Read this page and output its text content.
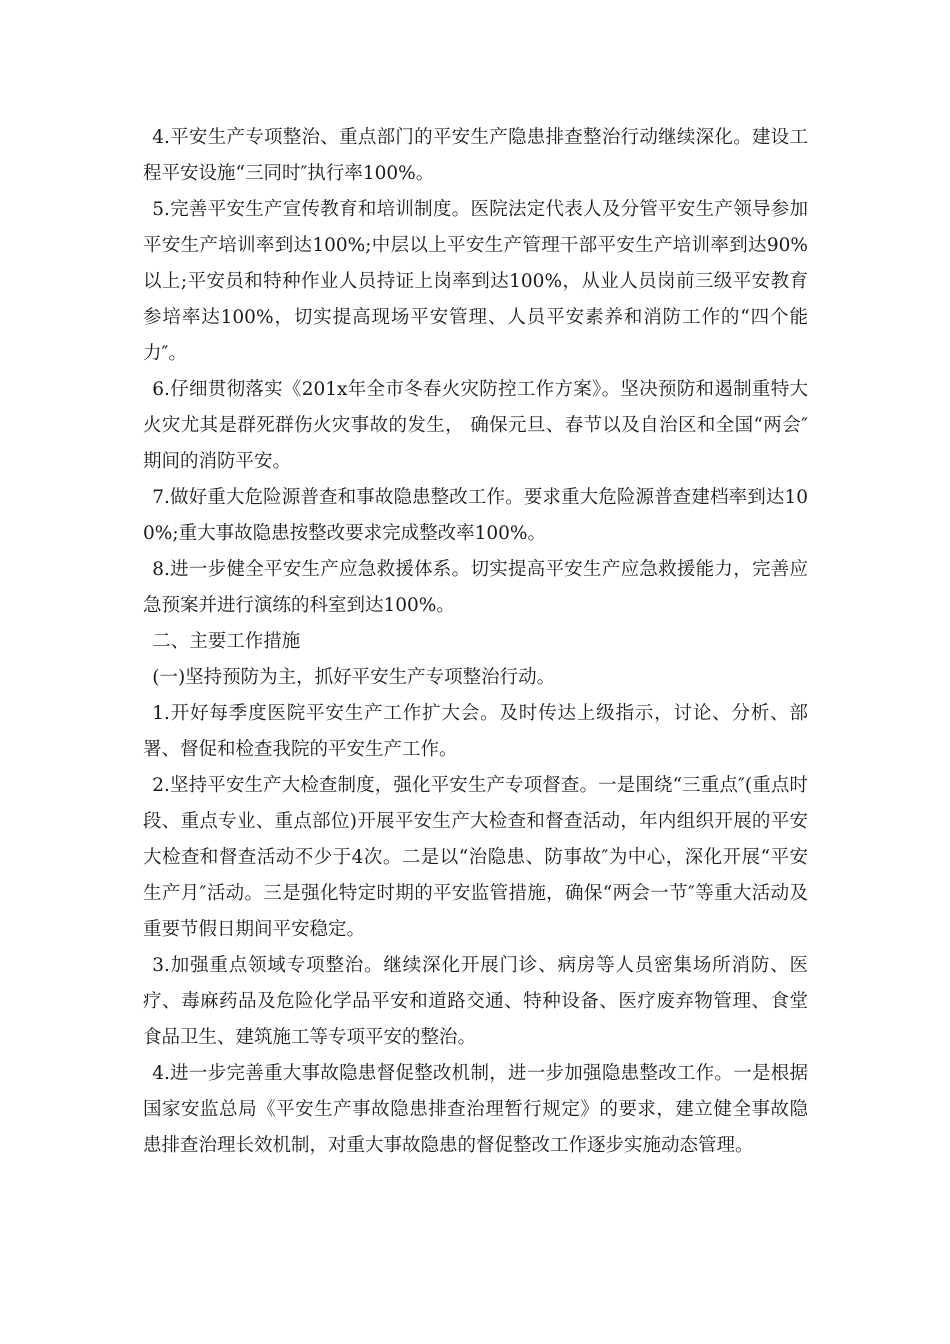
4.平安生产专项整治、重点部门的平安生产隐患排查整治行动继续深化。建设工程平安设施“三同时″执行率100%。

5.完善平安生产宣传教育和培训制度。医院法定代表人及分管平安生产领导参加平安生产培训率到达100%;中层以上平安生产管理干部平安生产培训率到达90%以上;平安员和特种作业人员持证上岗率到达100%，从业人员岗前三级平安教育参培率达100%，切实提高现场平安管理、人员平安素养和消防工作的“四个能力″。

6.仔细贯彻落实《201x年全市冬春火灾防控工作方案》。坚决预防和遏制重特大火灾尤其是群死群伤火灾事故的发生， 确保元旦、春节以及自治区和全国“两会″期间的消防平安。

7.做好重大危险源普查和事故隐患整改工作。要求重大危险源普查建档率到达100%;重大事故隐患按整改要求完成整改率100%。

8.进一步健全平安生产应急救援体系。切实提高平安生产应急救援能力，完善应急预案并进行演练的科室到达100%。

二、主要工作措施

(一)坚持预防为主，抓好平安生产专项整治行动。

1.开好每季度医院平安生产工作扩大会。及时传达上级指示，讨论、分析、部署、督促和检查我院的平安生产工作。

2.坚持平安生产大检查制度，强化平安生产专项督查。一是围绕“三重点″(重点时段、重点专业、重点部位)开展平安生产大检查和督查活动，年内组织开展的平安大检查和督查活动不少于4次。二是以“治隐患、防事故″为中心，深化开展“平安生产月″活动。三是强化特定时期的平安监管措施，确保“两会一节″等重大活动及重要节假日期间平安稳定。

3.加强重点领域专项整治。继续深化开展门诊、病房等人员密集场所消防、医疗、毒麻药品及危险化学品平安和道路交通、特种设备、医疗废弃物管理、食堂食品卫生、建筑施工等专项平安的整治。

4.进一步完善重大事故隐患督促整改机制，进一步加强隐患整改工作。一是根据国家安监总局《平安生产事故隐患排查治理暂行规定》的要求，建立健全事故隐患排查治理长效机制，对重大事故隐患的督促整改工作逐步实施动态管理。
